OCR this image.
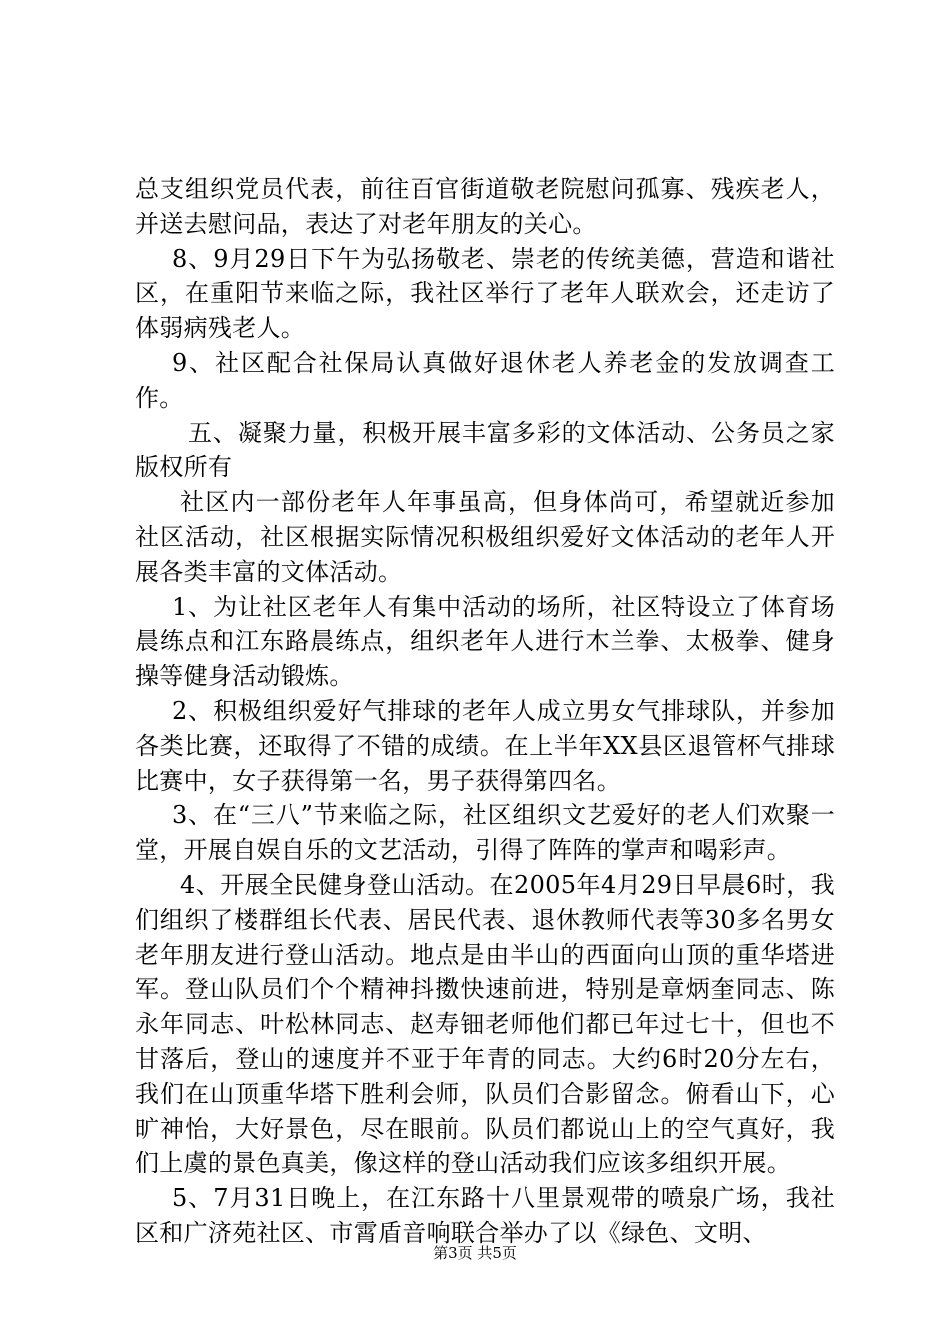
总支组织党员代表，前往百官街道敬老院慰问孤寡、残疾老人，并送去慰问品，表达了对老年朋友的关心。

8、9月29日下午为弘扬敬老、崇老的传统美德，营造和谐社区，在重阳节来临之际，我社区举行了老年人联欢会，还走访了体弱病残老人。

9、社区配合社保局认真做好退休老人养老金的发放调查工作。

五、凝聚力量，积极开展丰富多彩的文体活动、公务员之家版权所有

社区内一部份老年人年事虽高，但身体尚可，希望就近参加社区活动，社区根据实际情况积极组织爱好文体活动的老年人开展各类丰富的文体活动。

1、为让社区老年人有集中活动的场所，社区特设立了体育场晨练点和江东路晨练点，组织老年人进行木兰拳、太极拳、健身操等健身活动锻炼。

2、积极组织爱好气排球的老年人成立男女气排球队，并参加各类比赛，还取得了不错的成绩。在上半年XX县区退管杯气排球比赛中，女子获得第一名，男子获得第四名。

3、在“三八”节来临之际，社区组织文艺爱好的老人们欢聚一堂，开展自娱自乐的文艺活动，引得了阵阵的掌声和喝彩声。

4、开展全民健身登山活动。在2005年4月29日早晨6时，我们组织了楼群组长代表、居民代表、退休教师代表等30多名男女老年朋友进行登山活动。地点是由半山的西面向山顶的重华塔进军。登山队员们个个精神抖擞快速前进，特别是章炳奎同志、陈永年同志、叶松林同志、赵寿钿老师他们都已年过七十，但也不甘落后，登山的速度并不亚于年青的同志。大约6时20分左右，我们在山顶重华塔下胜利会师，队员们合影留念。俯看山下，心旷神怡，大好景色，尽在眼前。队员们都说山上的空气真好，我们上虞的景色真美，像这样的登山活动我们应该多组织开展。

5、7月31日晚上，在江东路十八里景观带的喷泉广场，我社区和广济苑社区、市霄盾音响联合举办了以《绿色、文明、

第3页 共5页
